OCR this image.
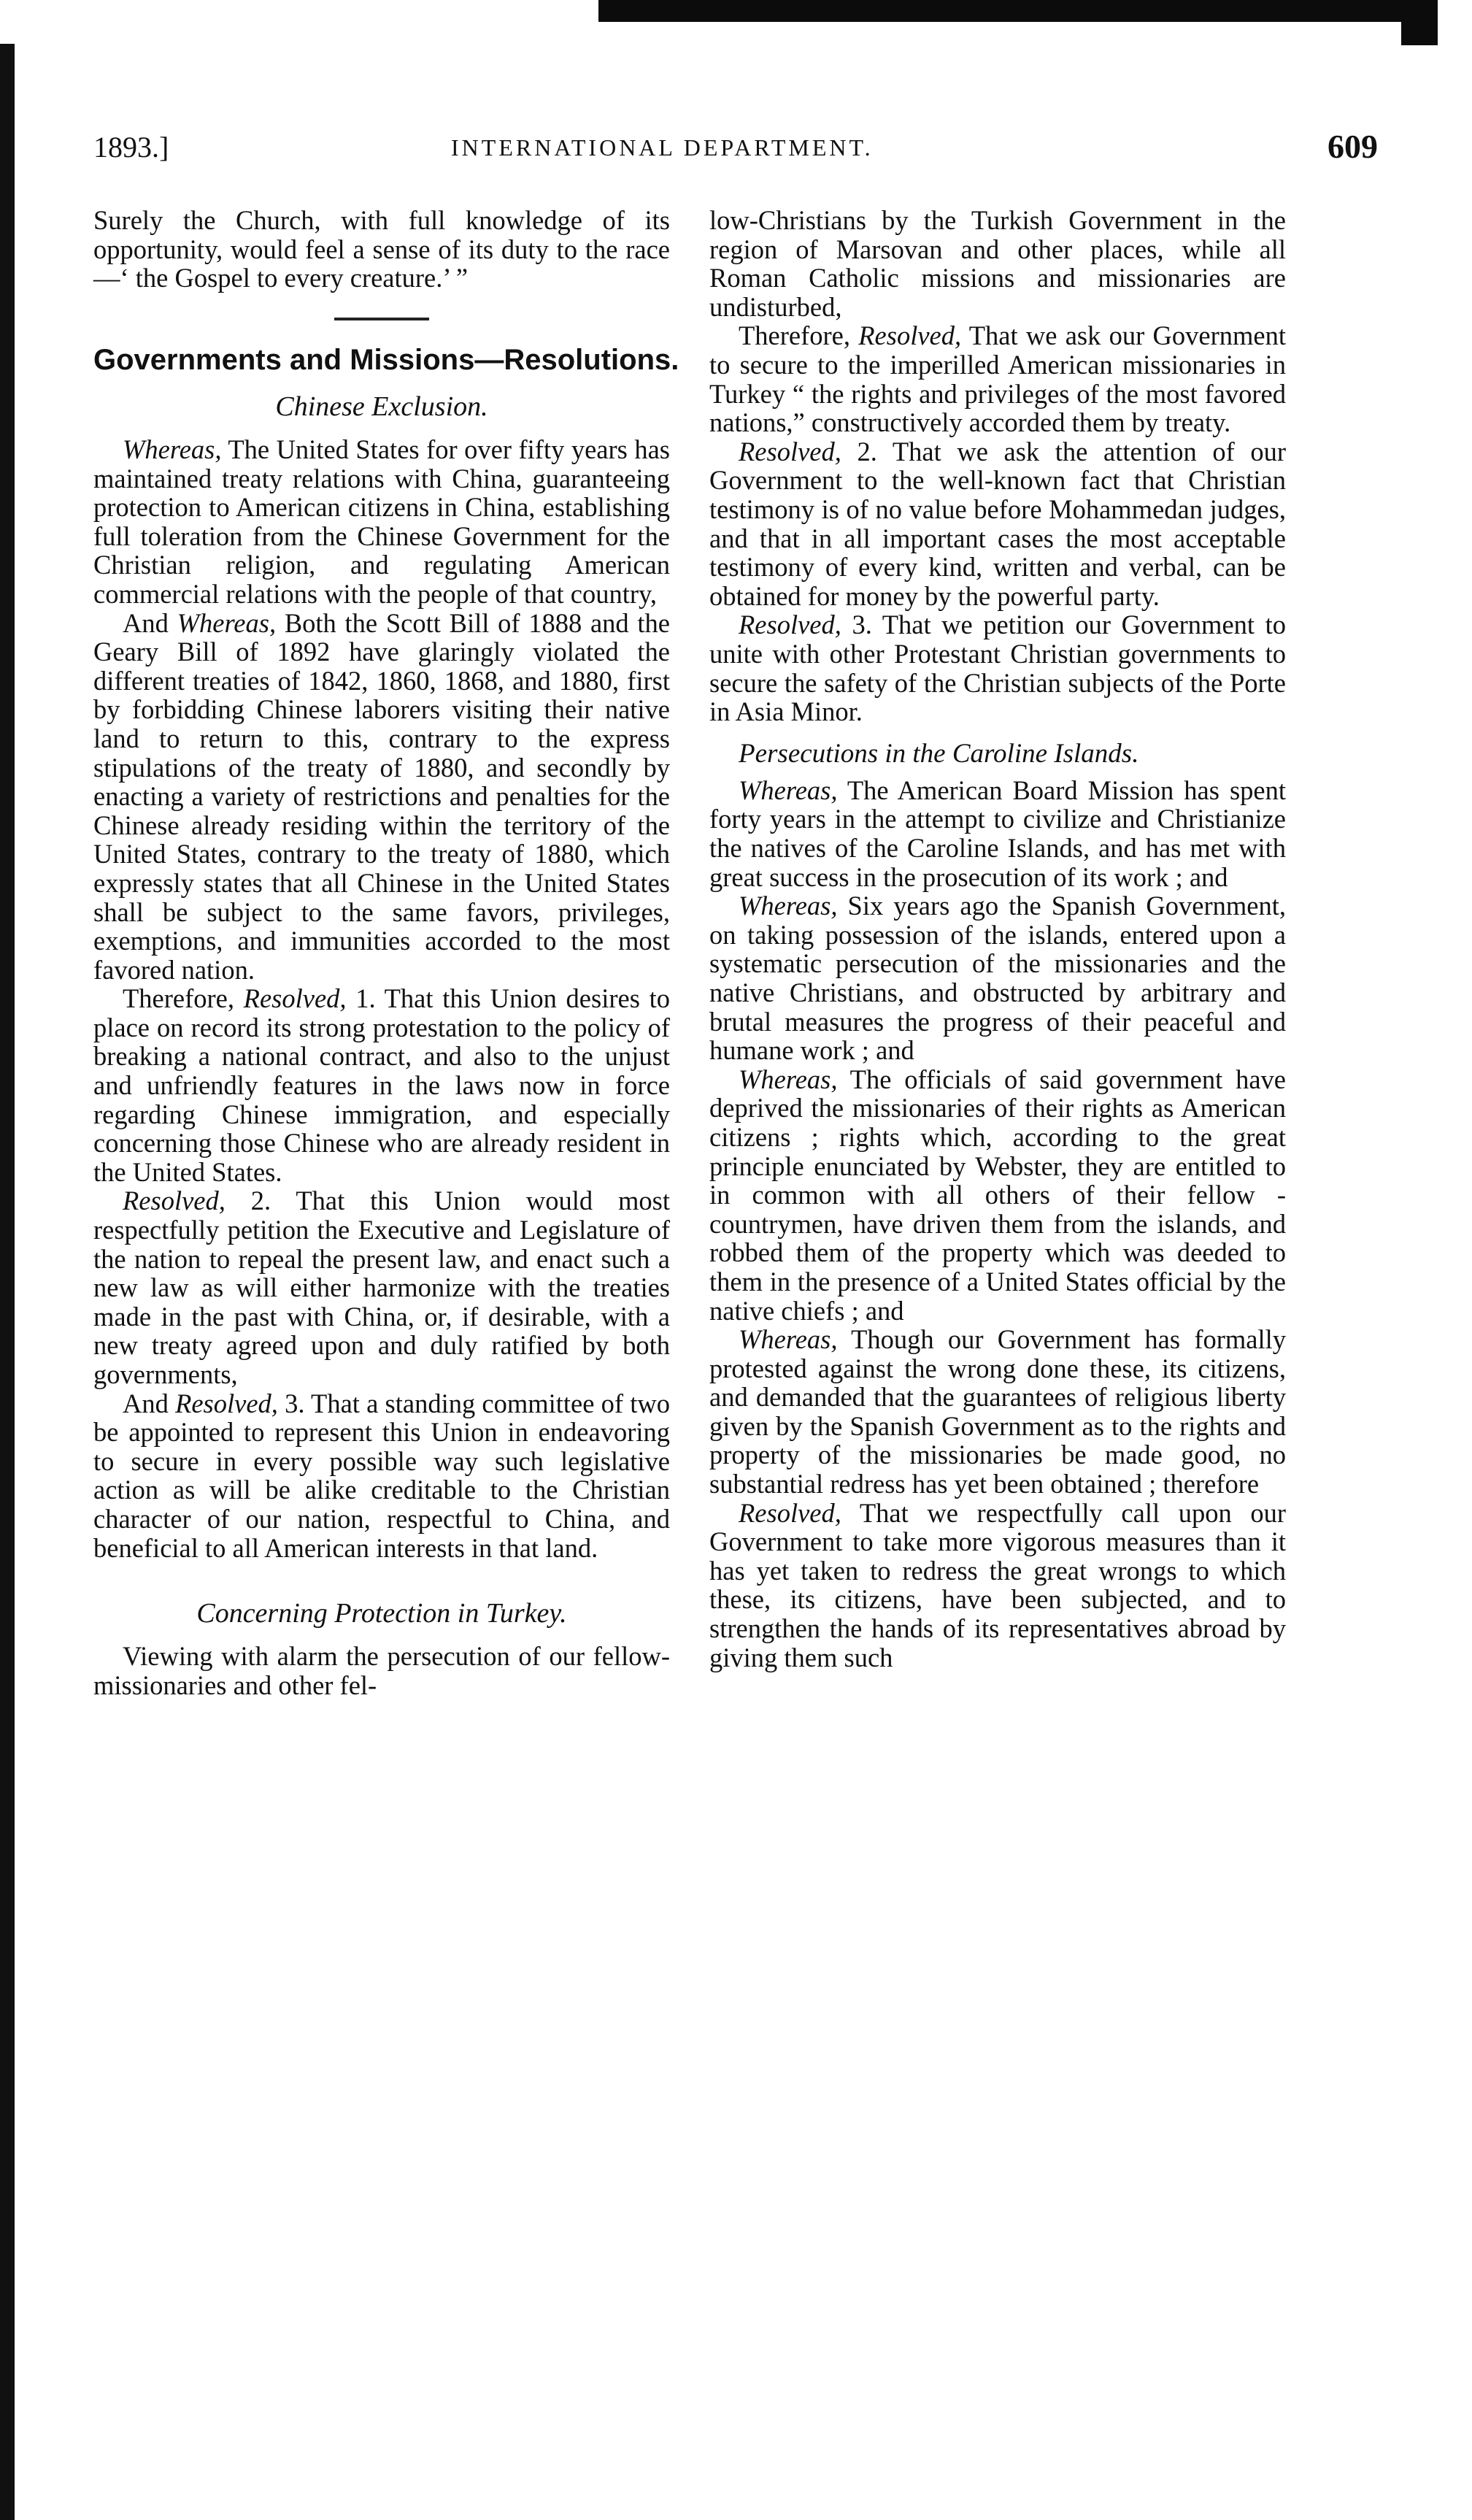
1893.]	INTERNATIONAL DEPARTMENT.	609

Surely the Church, with full knowledge of its opportunity, would feel a sense of its duty to the race—‘ the Gospel to every creature.’ ”

Governments and Missions—Resolutions.
Chinese Exclusion.

Whereas, The United States for over fifty years has maintained treaty relations with China, guaranteeing protection to American citizens in China, establishing full toleration from the Chinese Government for the Christian religion, and regulating American commercial relations with the people of that country,

And Whereas, Both the Scott Bill of 1888 and the Geary Bill of 1892 have glaringly violated the different treaties of 1842, 1860, 1868, and 1880, first by forbidding Chinese laborers visiting their native land to return to this, contrary to the express stipulations of the treaty of 1880, and secondly by enacting a variety of restrictions and penalties for the Chinese already residing within the territory of the United States, contrary to the treaty of 1880, which expressly states that all Chinese in the United States shall be subject to the same favors, privileges, exemptions, and immunities accorded to the most favored nation.

Therefore, Resolved, 1. That this Union desires to place on record its strong protestation to the policy of breaking a national contract, and also to the unjust and unfriendly features in the laws now in force regarding Chinese immigration, and especially concerning those Chinese who are already resident in the United States.

Resolved, 2. That this Union would most respectfully petition the Executive and Legislature of the nation to repeal the present law, and enact such a new law as will either harmonize with the treaties made in the past with China, or, if desirable, with a new treaty agreed upon and duly ratified by both governments,

And Resolved, 3. That a standing committee of two be appointed to represent this Union in endeavoring to secure in every possible way such legislative action as will be alike creditable to the Christian character of our nation, respectful to China, and beneficial to all American interests in that land.

Concerning Protection in Turkey.

Viewing with alarm the persecution of our fellow-missionaries and other fel-

low-Christians by the Turkish Government in the region of Marsovan and other places, while all Roman Catholic missions and missionaries are undisturbed,

Therefore, Resolved, That we ask our Government to secure to the imperilled American missionaries in Turkey “ the rights and privileges of the most favored nations,” constructively accorded them by treaty.

Resolved, 2. That we ask the attention of our Government to the well-known fact that Christian testimony is of no value before Mohammedan judges, and that in all important cases the most acceptable testimony of every kind, written and verbal, can be obtained for money by the powerful party.

Resolved, 3. That we petition our Government to unite with other Protestant Christian governments to secure the safety of the Christian subjects of the Porte in Asia Minor.

Persecutions in the Caroline Islands.

Whereas, The American Board Mission has spent forty years in the attempt to civilize and Christianize the natives of the Caroline Islands, and has met with great success in the prosecution of its work ; and

Whereas, Six years ago the Spanish Government, on taking possession of the islands, entered upon a systematic persecution of the missionaries and the native Christians, and obstructed by arbitrary and brutal measures the progress of their peaceful and humane work ; and

Whereas, The officials of said government have deprived the missionaries of their rights as American citizens ; rights which, according to the great principle enunciated by Webster, they are entitled to in common with all others of their fellow - countrymen, have driven them from the islands, and robbed them of the property which was deeded to them in the presence of a United States official by the native chiefs ; and

Whereas, Though our Government has formally protested against the wrong done these, its citizens, and demanded that the guarantees of religious liberty given by the Spanish Government as to the rights and property of the missionaries be made good, no substantial redress has yet been obtained ; therefore

Resolved, That we respectfully call upon our Government to take more vigorous measures than it has yet taken to redress the great wrongs to which these, its citizens, have been subjected, and to strengthen the hands of its representatives abroad by giving them such
